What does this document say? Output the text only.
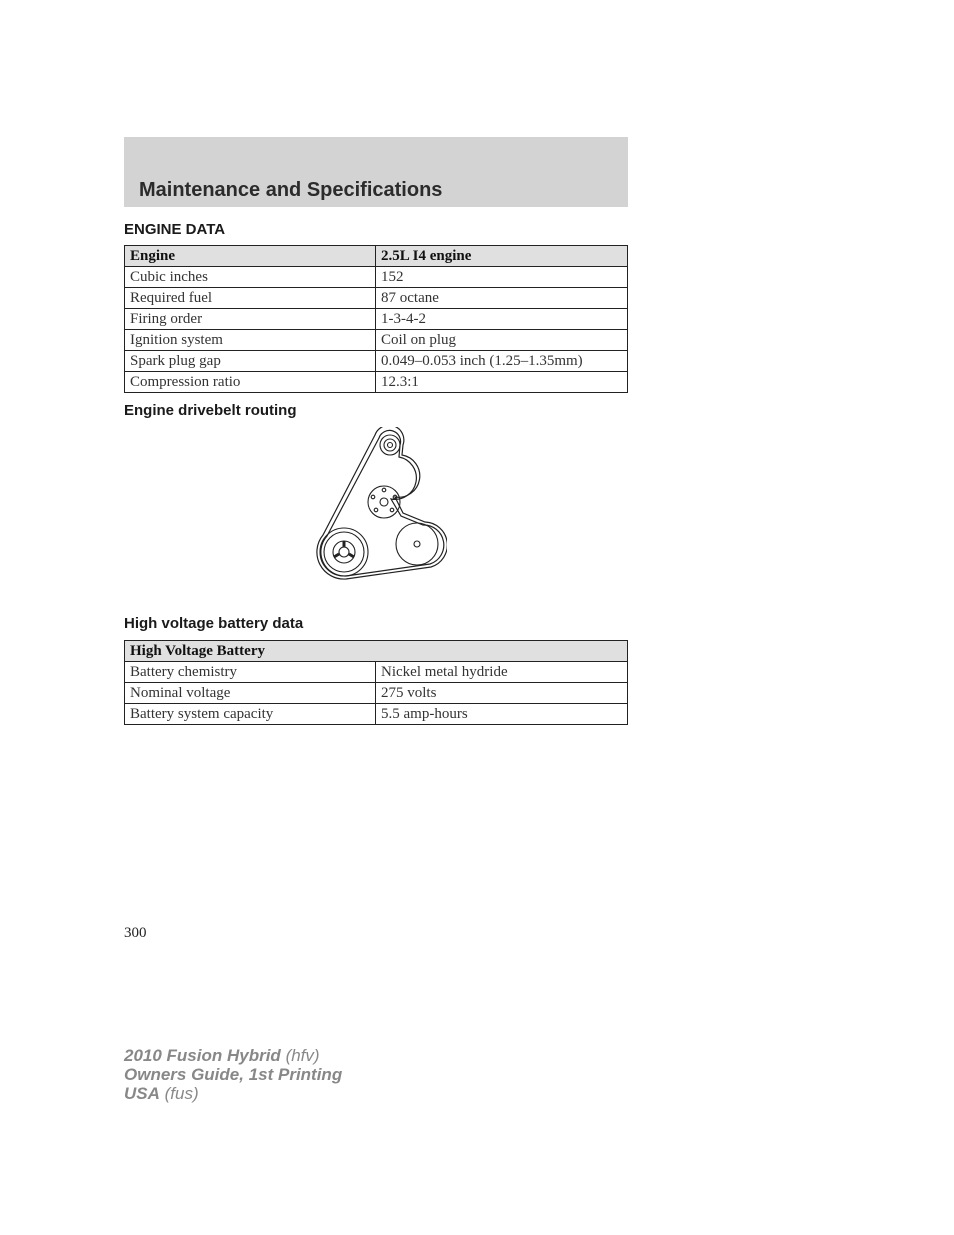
Maintenance and Specifications
ENGINE DATA
Engine	2.5L I4 engine
Cubic inches	152
Required fuel	87 octane
Firing order	1-3-4-2
Ignition system	Coil on plug
Spark plug gap	0.049–0.053 inch (1.25–1.35mm)
Compression ratio	12.3:1
Engine drivebelt routing
High voltage battery data
High Voltage Battery	
Battery chemistry	Nickel metal hydride
Nominal voltage	275 volts
Battery system capacity	5.5 amp-hours
300
2010 Fusion Hybrid (hfv)
Owners Guide, 1st Printing
USA (fus)
